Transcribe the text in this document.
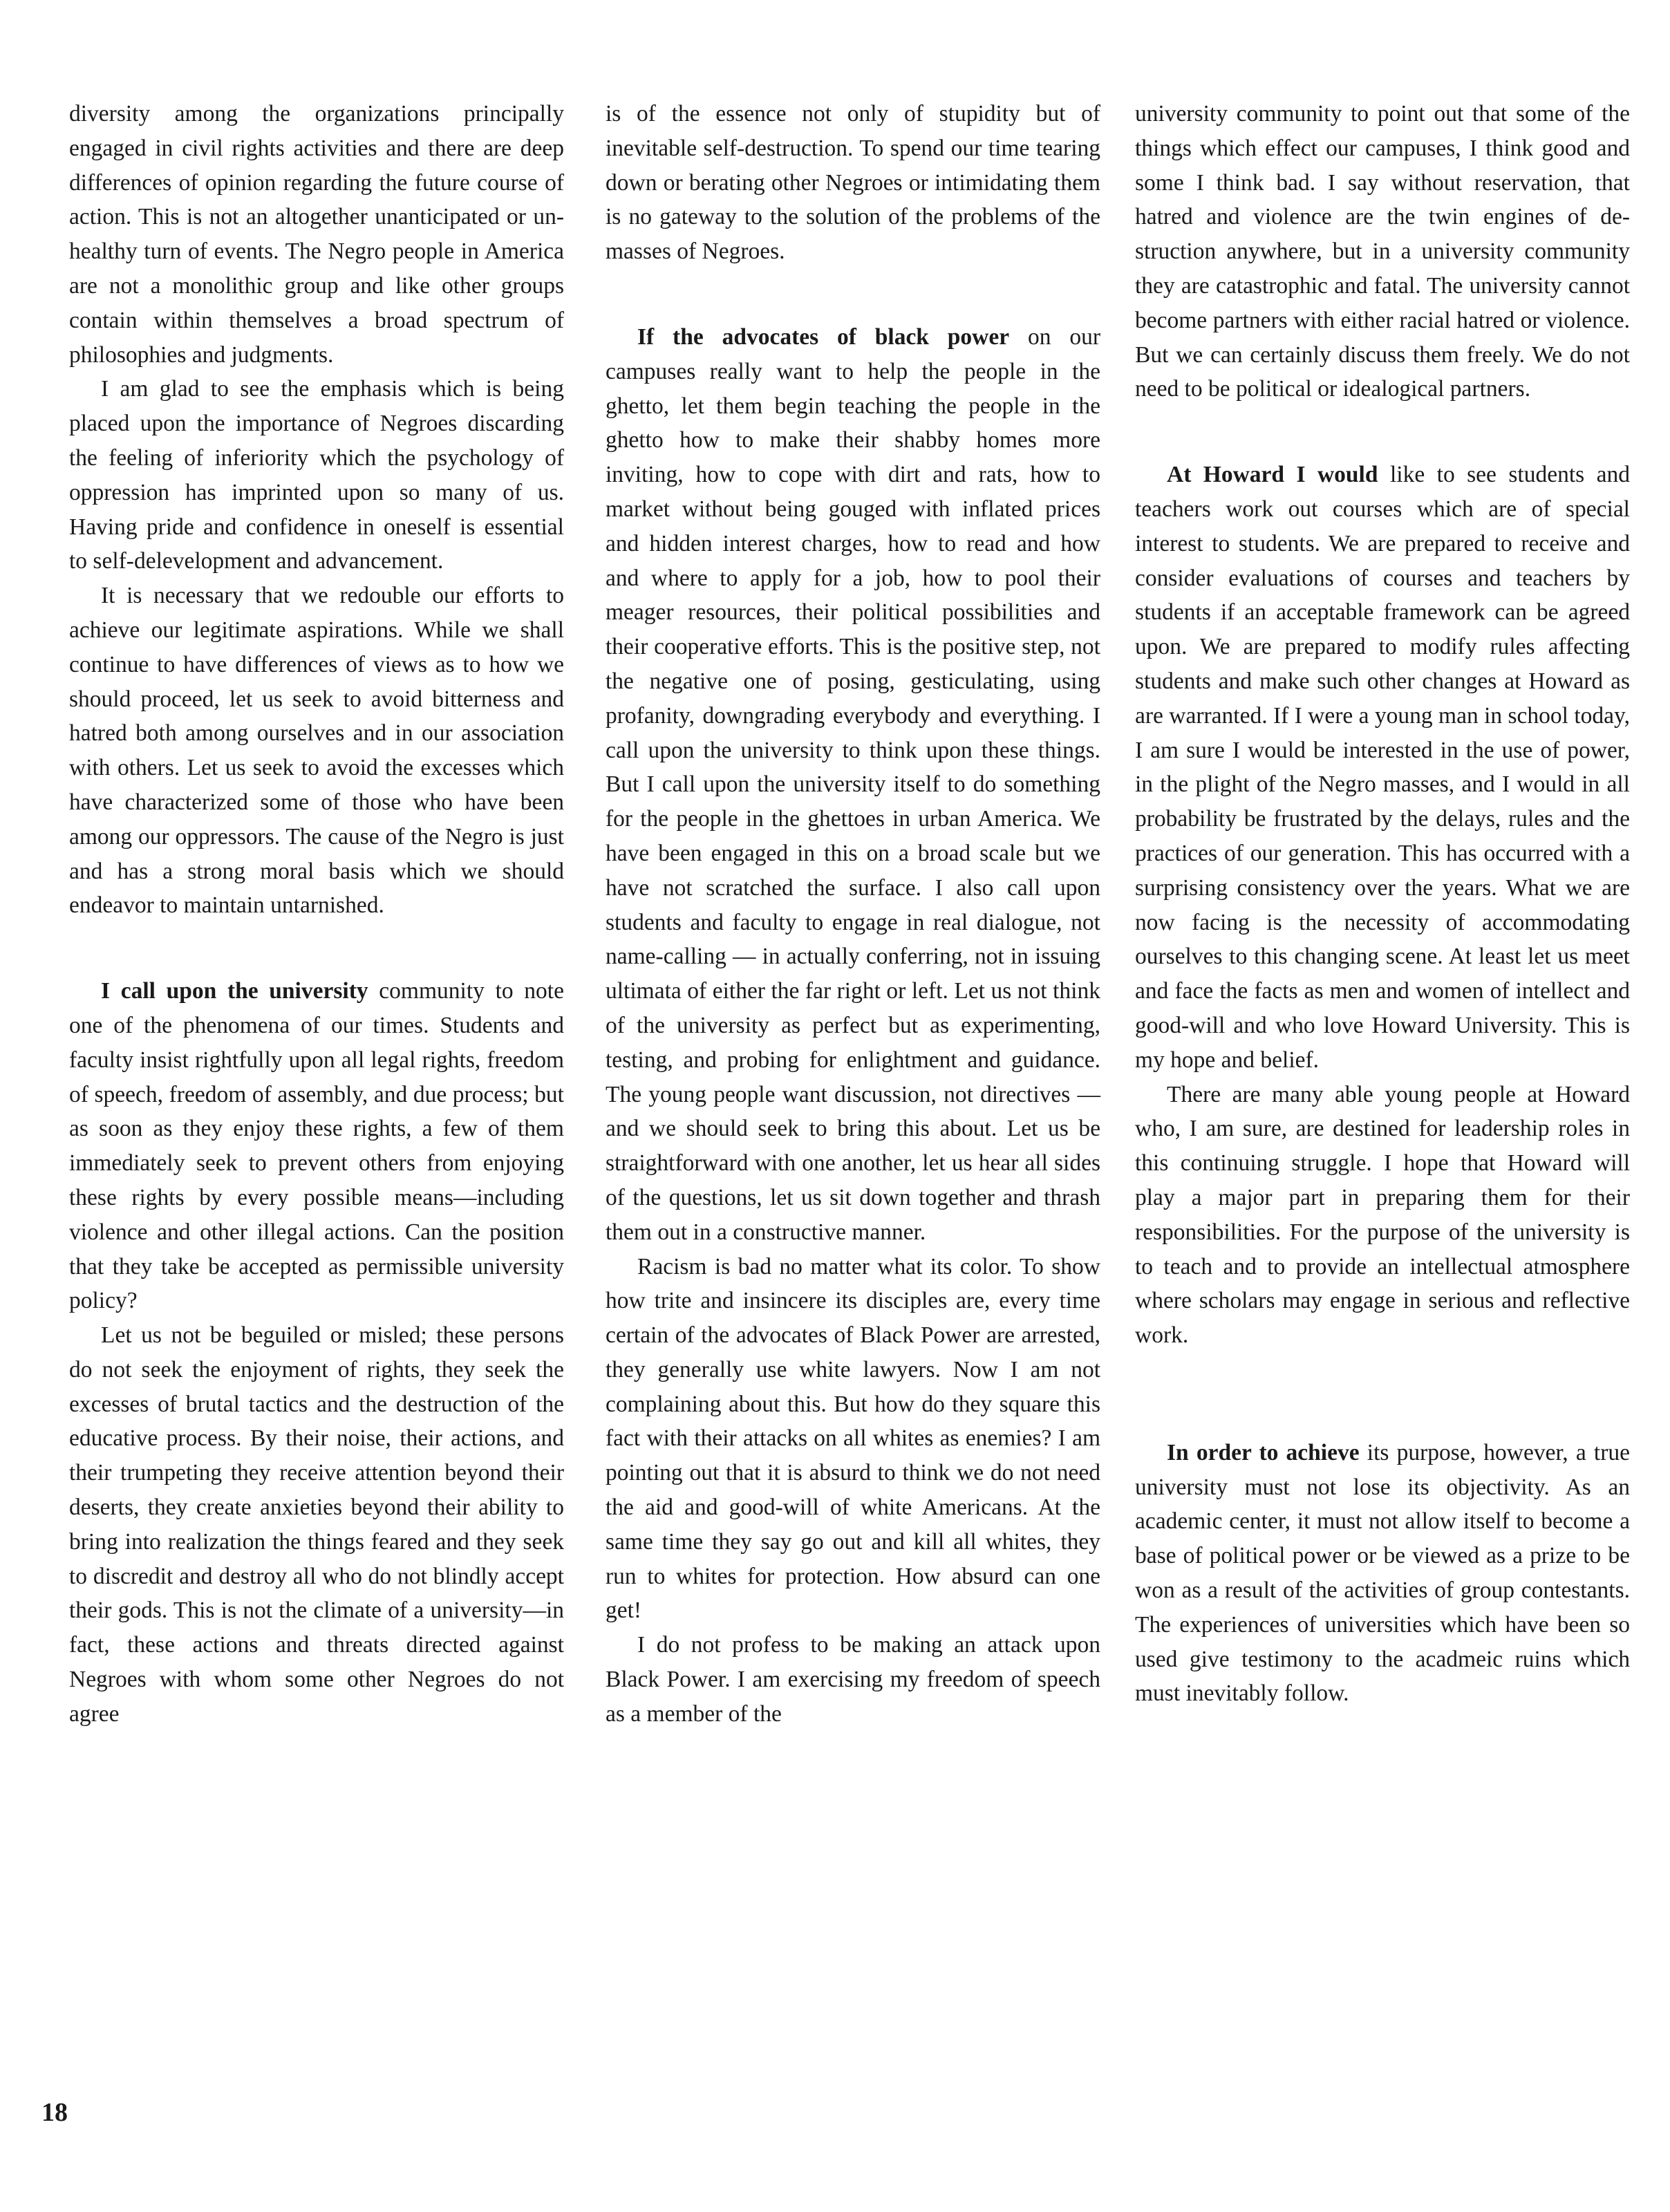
diversity among the organizations principally engaged in civil rights activities and there are deep differences of opinion regarding the future course of action. This is not an altogether unanticipated or unhealthy turn of events. The Negro people in America are not a monolithic group and like other groups contain within themselves a broad spectrum of philosophies and judgments.

I am glad to see the emphasis which is being placed upon the importance of Negroes discarding the feeling of inferiority which the psychology of oppression has imprinted upon so many of us. Having pride and confidence in oneself is essential to self-delevelopment and advancement.

It is necessary that we redouble our efforts to achieve our legitimate aspirations. While we shall continue to have differences of views as to how we should proceed, let us seek to avoid bitterness and hatred both among ourselves and in our association with others. Let us seek to avoid the excesses which have characterized some of those who have been among our oppressors. The cause of the Negro is just and has a strong moral basis which we should endeavor to maintain untarnished.

I call upon the university community to note one of the phenomena of our times. Students and faculty insist rightfully upon all legal rights, freedom of speech, freedom of assembly, and due process; but as soon as they enjoy these rights, a few of them immediately seek to prevent others from enjoying these rights by every possible means—including violence and other illegal actions. Can the position that they take be accepted as permissible university policy?

Let us not be beguiled or misled; these persons do not seek the enjoyment of rights, they seek the excesses of brutal tactics and the destruction of the educative process. By their noise, their actions, and their trumpeting they receive attention beyond their deserts, they create anxieties beyond their ability to bring into realization the things feared and they seek to discredit and destroy all who do not blindly accept their gods. This is not the climate of a university—in fact, these actions and threats directed against Negroes with whom some other Negroes do not agree

is of the essence not only of stupidity but of inevitable self-destruction. To spend our time tearing down or berating other Negroes or intimidating them is no gateway to the solution of the problems of the masses of Negroes.

If the advocates of black power on our campuses really want to help the people in the ghetto, let them begin teaching the people in the ghetto how to make their shabby homes more inviting, how to cope with dirt and rats, how to market without being gouged with inflated prices and hidden interest charges, how to read and how and where to apply for a job, how to pool their meager resources, their political possibilities and their cooperative efforts. This is the positive step, not the negative one of posing, gesticulating, using profanity, downgrading everybody and everything. I call upon the university to think upon these things. But I call upon the university itself to do something for the people in the ghettoes in urban America. We have been engaged in this on a broad scale but we have not scratched the surface. I also call upon students and faculty to engage in real dialogue, not name-calling — in actually conferring, not in issuing ultimata of either the far right or left. Let us not think of the university as perfect but as experimenting, testing, and probing for enlightment and guidance. The young people want discussion, not directives — and we should seek to bring this about. Let us be straightforward with one another, let us hear all sides of the questions, let us sit down together and thrash them out in a constructive manner.

Racism is bad no matter what its color. To show how trite and insincere its disciples are, every time certain of the advocates of Black Power are arrested, they generally use white lawyers. Now I am not complaining about this. But how do they square this fact with their attacks on all whites as enemies? I am pointing out that it is absurd to think we do not need the aid and good-will of white Americans. At the same time they say go out and kill all whites, they run to whites for protection. How absurd can one get!

I do not profess to be making an attack upon Black Power. I am exercising my freedom of speech as a member of the

university community to point out that some of the things which effect our campuses, I think good and some I think bad. I say without reservation, that hatred and violence are the twin engines of destruction anywhere, but in a university community they are catastrophic and fatal. The university cannot become partners with either racial hatred or violence. But we can certainly discuss them freely. We do not need to be political or idealogical partners.

At Howard I would like to see students and teachers work out courses which are of special interest to students. We are prepared to receive and consider evaluations of courses and teachers by students if an acceptable framework can be agreed upon. We are prepared to modify rules affecting students and make such other changes at Howard as are warranted. If I were a young man in school today, I am sure I would be interested in the use of power, in the plight of the Negro masses, and I would in all probability be frustrated by the delays, rules and the practices of our generation. This has occurred with a surprising consistency over the years. What we are now facing is the necessity of accommodating ourselves to this changing scene. At least let us meet and face the facts as men and women of intellect and good-will and who love Howard University. This is my hope and belief.

There are many able young people at Howard who, I am sure, are destined for leadership roles in this continuing struggle. I hope that Howard will play a major part in preparing them for their responsibilities. For the purpose of the university is to teach and to provide an intellectual atmosphere where scholars may engage in serious and reflective work.

In order to achieve its purpose, however, a true university must not lose its objectivity. As an academic center, it must not allow itself to become a base of political power or be viewed as a prize to be won as a result of the activities of group contestants. The experiences of universities which have been so used give testimony to the acadmeic ruins which must inevitably follow.

18
